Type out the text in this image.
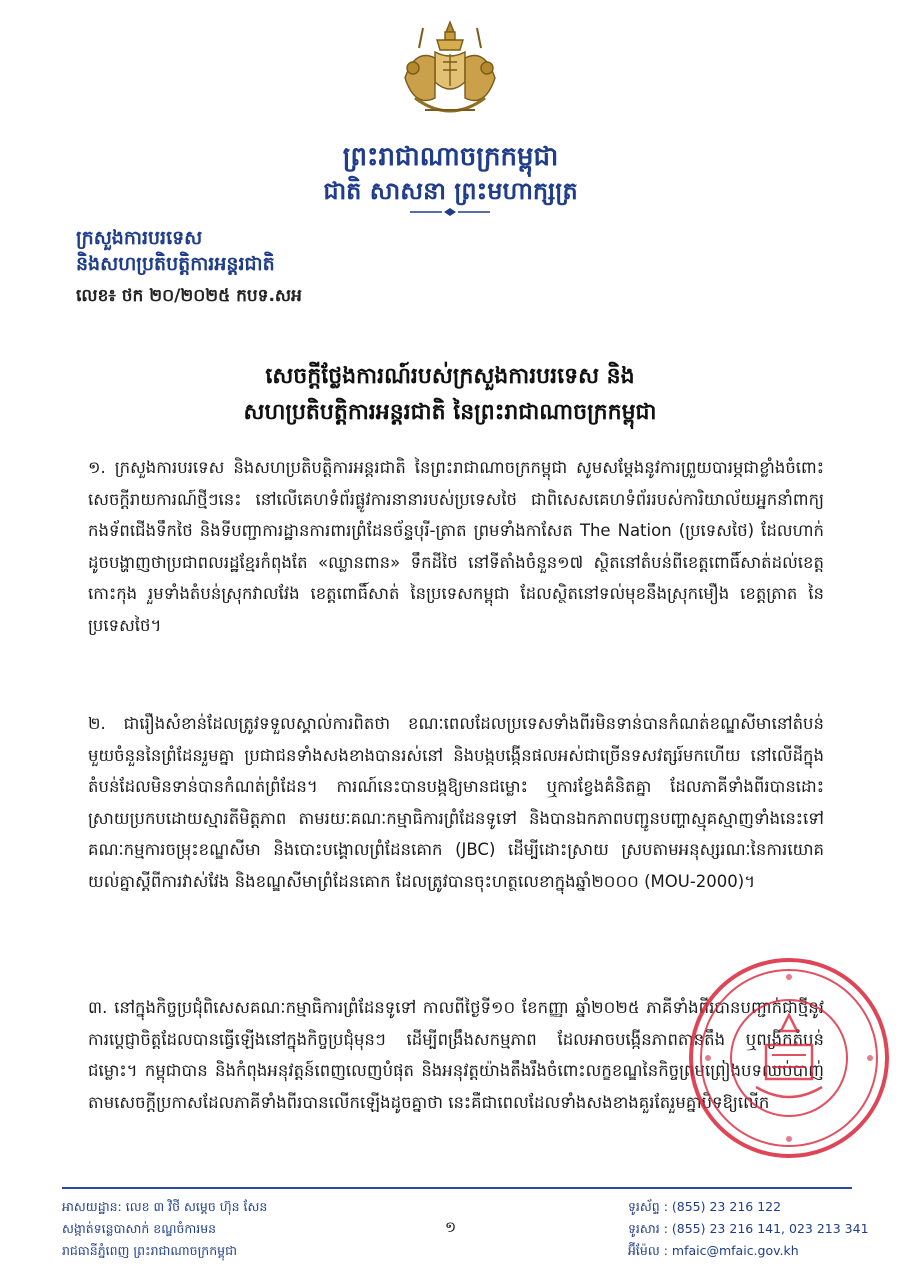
ព្រះរាជាណាចក្រកម្ពុជា
ជាតិ សាសនា ព្រះមហាក្សត្រ
ក្រសួងការបរទេស
និងសហប្រតិបត្តិការអន្តរជាតិ
លេខ៖ ថក ២០/២០២៥ កបទ.សអ
សេចក្តីថ្លែងការណ៍របស់ក្រសួងការបរទេស និង
សហប្រតិបត្តិការអន្តរជាតិ នៃព្រះរាជាណាចក្រកម្ពុជា
១. ក្រសួងការបរទេស និងសហប្រតិបត្តិការអន្តរជាតិ នៃព្រះរាជាណាចក្រកម្ពុជា សូមសម្តែងនូវការព្រួយបារម្ភជាខ្លាំងចំពោះសេចក្តីរាយការណ៍ថ្មីៗនេះ នៅលើគេហទំព័រផ្លូវការនានារបស់ប្រទេសថៃ ជាពិសេសគេហទំព័ររបស់ការិយាល័យអ្នកនាំពាក្យកងទ័ពជើងទឹកថៃ និងទីបញ្ជាការដ្ឋានការពារព្រំដែនច័ន្ទបុរី-ត្រាត ព្រមទាំងកាសែត The Nation (ប្រទេសថៃ) ដែលហាក់ដូចបង្ហាញថាប្រជាពលរដ្ឋខ្មែរកំពុងតែ «ឈ្លានពាន» ទឹកដីថៃ នៅទីតាំងចំនួន១៧ ស្ថិតនៅតំបន់ពីខេត្តពោធិ៍សាត់ដល់ខេត្តកោះកុង រួមទាំងតំបន់ស្រុកវាលវែង ខេត្តពោធិ៍សាត់ នៃប្រទេសកម្ពុជា ដែលស្ថិតនៅទល់មុខនឹងស្រុកមឿង ខេត្តត្រាត នៃប្រទេសថៃ។
២. ជារឿងសំខាន់ដែលត្រូវទទួលស្គាល់ការពិតថា ខណៈពេលដែលប្រទេសទាំងពីរមិនទាន់បានកំណត់ខណ្ឌសីមានៅតំបន់មួយចំនួននៃព្រំដែនរួមគ្នា ប្រជាជនទាំងសងខាងបានរស់នៅ និងបង្កបង្កើនផលអស់ជាច្រើនទសវត្សរ៍មកហើយ នៅលើដីក្នុងតំបន់ដែលមិនទាន់បានកំណត់ព្រំដែន។ ការណ៍នេះបានបង្កឱ្យមានជម្លោះ ឬការខ្វែងគំនិតគ្នា ដែលភាគីទាំងពីរបានដោះស្រាយប្រកបដោយស្មារតីមិត្តភាព តាមរយៈគណៈកម្មាធិការព្រំដែនទូទៅ និងបានឯកភាពបញ្ជូនបញ្ហាស្មុគស្មាញទាំងនេះទៅគណៈកម្មការចម្រុះខណ្ឌសីមា និងបោះបង្គោលព្រំដែនគោក (JBC) ដើម្បីដោះស្រាយ ស្របតាមអនុស្សរណៈនៃការយោគយល់គ្នាស្តីពីការវាស់វែង និងខណ្ឌសីមាព្រំដែនគោក ដែលត្រូវបានចុះហត្ថលេខាក្នុងឆ្នាំ២០០០ (MOU-2000)។
៣. នៅក្នុងកិច្ចប្រជុំពិសេសគណៈកម្មាធិការព្រំដែនទូទៅ កាលពីថ្ងៃទី១០ ខែកញ្ញា ឆ្នាំ២០២៥ ភាគីទាំងពីរបានបញ្ជាក់ជាថ្មីនូវការប្តេជ្ញាចិត្តដែលបានធ្វើឡើងនៅក្នុងកិច្ចប្រជុំមុនៗ ដើម្បីពង្រឹងសកម្មភាព ដែលអាចបង្កើនភាពតានតឹង ឬពង្រីកតំបន់ជម្លោះ។ កម្ពុជាបាន និងកំពុងអនុវត្តន៍ពេញលេញបំផុត និងអនុវត្តយ៉ាងតឹងរឹងចំពោះលក្ខខណ្ឌនៃកិច្ចព្រមព្រៀងបទឈប់បាញ់ តាមសេចក្តីប្រកាសដែលភាគីទាំងពីរបានលើកឡើងដូចគ្នាថា នេះគឺជាពេលដែលទាំងសងខាងគួរតែរួមគ្នាបិទឱ្យលើក
អាសយដ្ឋាន: លេខ ៣ វិថី សម្តេច ហ៊ុន សែន
សង្កាត់ទន្លេបាសាក់ ខណ្ឌចំការមន
រាជធានីភ្នំពេញ ព្រះរាជាណាចក្រកម្ពុជា
១
ទូរស័ព្ទ : (855) 23 216 122
ទូរសារ : (855) 23 216 141, 023 213 341
អ៊ីម៉ែល : mfaic@mfaic.gov.kh
